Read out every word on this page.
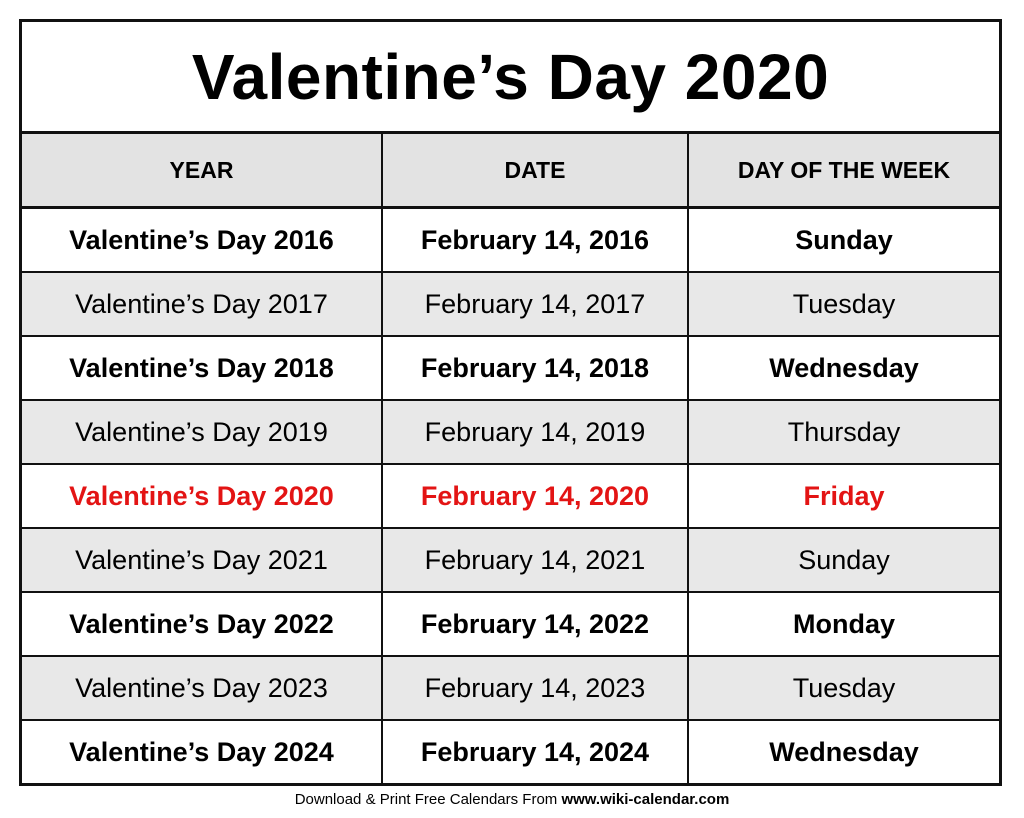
Valentine’s Day 2020
YEAR	DATE	DAY OF THE WEEK
Valentine’s Day 2016	February 14, 2016	Sunday
Valentine’s Day 2017	February 14, 2017	Tuesday
Valentine’s Day 2018	February 14, 2018	Wednesday
Valentine’s Day 2019	February 14, 2019	Thursday
Valentine’s Day 2020	February 14, 2020	Friday
Valentine’s Day 2021	February 14, 2021	Sunday
Valentine’s Day 2022	February 14, 2022	Monday
Valentine’s Day 2023	February 14, 2023	Tuesday
Valentine’s Day 2024	February 14, 2024	Wednesday
Download & Print Free Calendars From www.wiki-calendar.com
